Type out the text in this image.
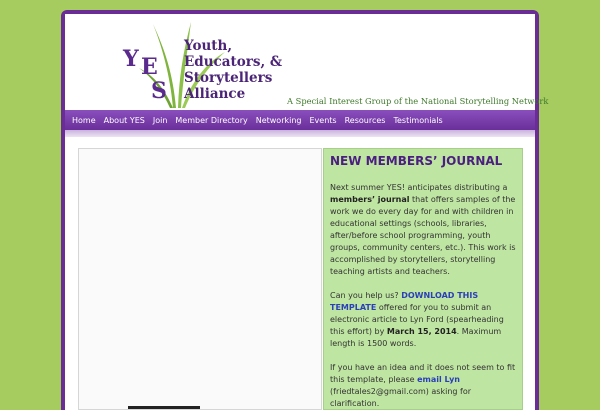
Y E
S
Youth,
Educators, &
Storytellers
Alliance	A Special Interest Group of the National Storytelling Network
Home About YES Join Member Directory Networking Events Resources Testimonials
NEW MEMBERS’ JOURNAL

Next summer YES! anticipates distributing a members’ journal that offers samples of the work we do every day for and with children in educational settings (schools, libraries, after/before school programming, youth groups, community centers, etc.). This work is accomplished by storytellers, storytelling teaching artists and teachers.

Can you help us? DOWNLOAD THIS TEMPLATE offered for you to submit an electronic article to Lyn Ford (spearheading this effort) by March 15, 2014. Maximum length is 1500 words.

If you have an idea and it does not seem to fit this template, please email Lyn (friedtales2@gmail.com) asking for clarification.
